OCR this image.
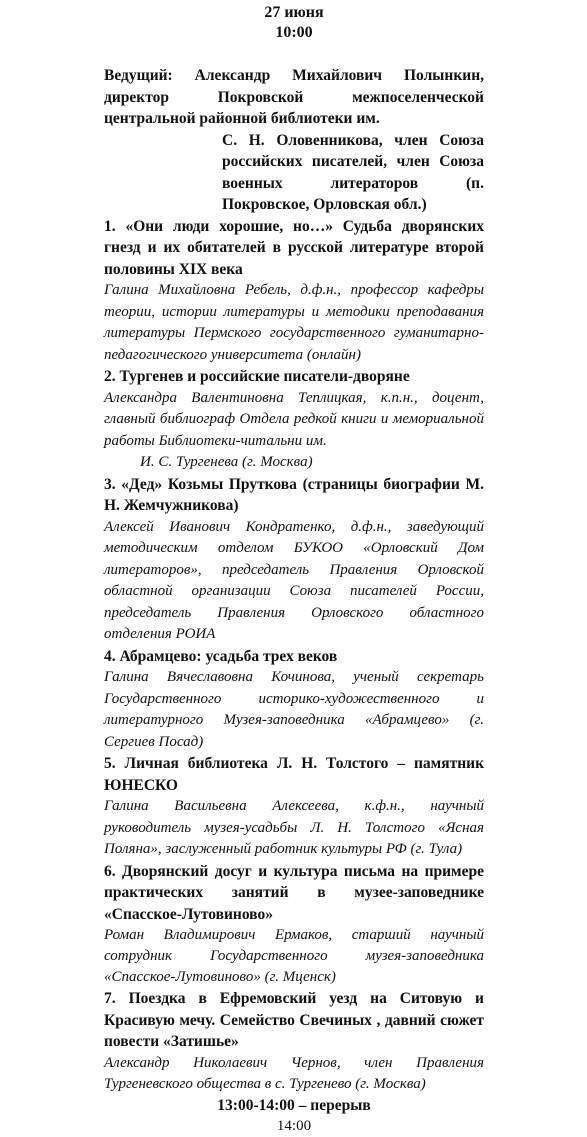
27 июня
10:00
Ведущий: Александр Михайлович Полынкин, директор Покровской межпоселенческой центральной районной библиотеки им.
С. Н. Оловенникова, член Союза российских писателей, член Союза военных литераторов (п. Покровское, Орловская обл.)
1. «Они люди хорошие, но…» Судьба дворянских гнезд и их обитателей в русской литературе второй половины XIX века
Галина Михайловна Ребель, д.ф.н., профессор кафедры теории, истории литературы и методики преподавания литературы Пермского государственного гуманитарно-педагогического университета (онлайн)
2. Тургенев и российские писатели-дворяне
Александра Валентиновна Теплицкая, к.п.н., доцент, главный библиограф Отдела редкой книги и мемориальной работы Библиотеки-читальни им.
И. С. Тургенева (г. Москва)
3. «Дед» Козьмы Пруткова (страницы биографии М. Н. Жемчужникова)
Алексей Иванович Кондратенко, д.ф.н., заведующий методическим отделом БУКОО «Орловский Дом литераторов», председатель Правления Орловской областной организации Союза писателей России, председатель Правления Орловского областного отделения РОИА
4. Абрамцево: усадьба трех веков
Галина Вячеславовна Кочинова, ученый секретарь Государственного историко-художественного и литературного Музея-заповедника «Абрамцево» (г. Сергиев Посад)
5. Личная библиотека Л. Н. Толстого – памятник ЮНЕСКО
Галина Васильевна Алексеева, к.ф.н., научный руководитель музея-усадьбы Л. Н. Толстого «Ясная Поляна», заслуженный работник культуры РФ (г. Тула)
6. Дворянский досуг и культура письма на примере практических занятий в музее-заповеднике «Спасское-Лутовиново»
Роман Владимирович Ермаков, старший научный сотрудник Государственного музея-заповедника «Спасское-Лутовиново» (г. Мценск)
7. Поездка в Ефремовский уезд на Ситовую и Красивую мечу. Семейство Свечиных , давний сюжет повести «Затишье»
Александр Николаевич Чернов, член Правления Тургеневского общества в с. Тургенево (г. Москва)
13:00-14:00 – перерыв
14:00
